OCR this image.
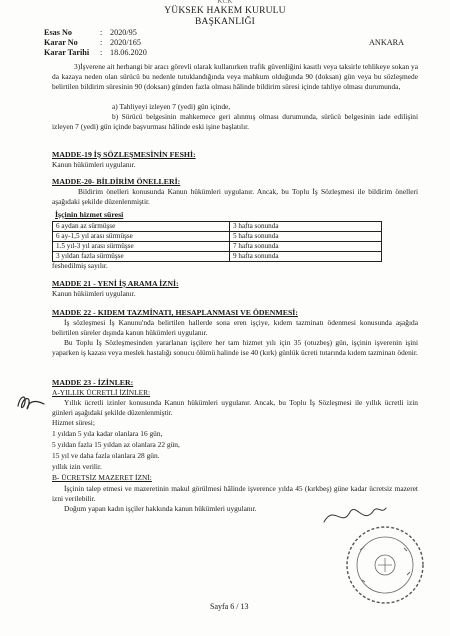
KCK
YÜKSEK HAKEM KURULU
BAŞKANLIĞI
Esas No	: 2020/95
Karar No	: 2020/165
Karar Tarihi	: 18.06.2020
ANKARA
3)İşverene ait herhangi bir aracı görevli olarak kullanırken trafik güvenliğini kasıtlı veya taksirle tehlikeye sokan ya da kazaya neden olan sürücü bu nedenle tutuklandığında veya mahkum olduğunda 90 (doksan) gün veya bu sözleşmede belirtilen bildirim süresinin 90 (doksan) günden fazla olması hâlinde bildirim süresi içinde tahliye olması durumunda,
a) Tahliyeyi izleyen 7 (yedi) gün içinde,
b) Sürücü belgesinin mahkemece geri alınmış olması durumunda, sürücü belgesinin iade edilişini izleyen 7 (yedi) gün içinde başvurması hâlinde eski işine başlatılır.
MADDE-19 İŞ SÖZLEŞMESİNİN FESHİ:
Kanun hükümleri uygulanır.
MADDE-20- BİLDİRİM ÖNELLERİ:
Bildirim önelleri konusunda Kanun hükümleri uygulanır. Ancak, bu Toplu İş Sözleşmesi ile bildirim önelleri aşağıdaki şekilde düzenlenmiştir.
İşçinin hizmet süresi
6 aydan az sürmüşse	3 hafta sonunda
6 ay-1,5 yıl arası sürmüşse	5 hafta sonunda
1.5 yıl-3 yıl arası sürmüşse	7 hafta sonunda
3 yıldan fazla sürmüşse	9 hafta sonunda
feshedilmiş sayılır.
MADDE 21 - YENİ İŞ ARAMA İZNİ:
Kanun hükümleri uygulanır.
MADDE 22 - KIDEM TAZMİNATI, HESAPLANMASI VE ÖDENMESİ:
İş sözleşmesi İş Kanunu'nda belirtilen hallerde sona eren işçiye, kıdem tazminatı ödenmesi konusunda aşağıda belirtilen süreler dışında kanun hükümleri uygulanır.
Bu Toplu İş Sözleşmesinden yararlanan işçilere her tam hizmet yılı için 35 (otuzbeş) gün, işçinin işverenin işini yaparken iş kazası veya meslek hastalığı sonucu ölümü halinde ise 40 (kırk) günlük ücreti tutarında kıdem tazminatı ödenir.
MADDE 23 - İZİNLER:
A-YILLIK ÜCRETLİ İZİNLER:
Yıllık ücretli izinler konusunda Kanun hükümleri uygulanır. Ancak, bu Toplu İş Sözleşmesi ile yıllık ücretli izin günleri aşağıdaki şekilde düzenlenmiştir.
Hizmet süresi;
1 yıldan 5 yıla kadar olanlara 16 gün,
5 yıldan fazla 15 yıldan az olanlara 22 gün,
15 yıl ve daha fazla olanlara 28 gün.
yıllık izin verilir.
B- ÜCRETSİZ MAZERET İZNİ:
İşçinin talep etmesi ve mazeretinin makul görülmesi hâlinde işverence yılda 45 (kırkbeş) güne kadar ücretsiz mazeret izni verilebilir.
Doğum yapan kadın işçiler hakkında kanun hükümleri uygulanır.
Sayfa 6 / 13
